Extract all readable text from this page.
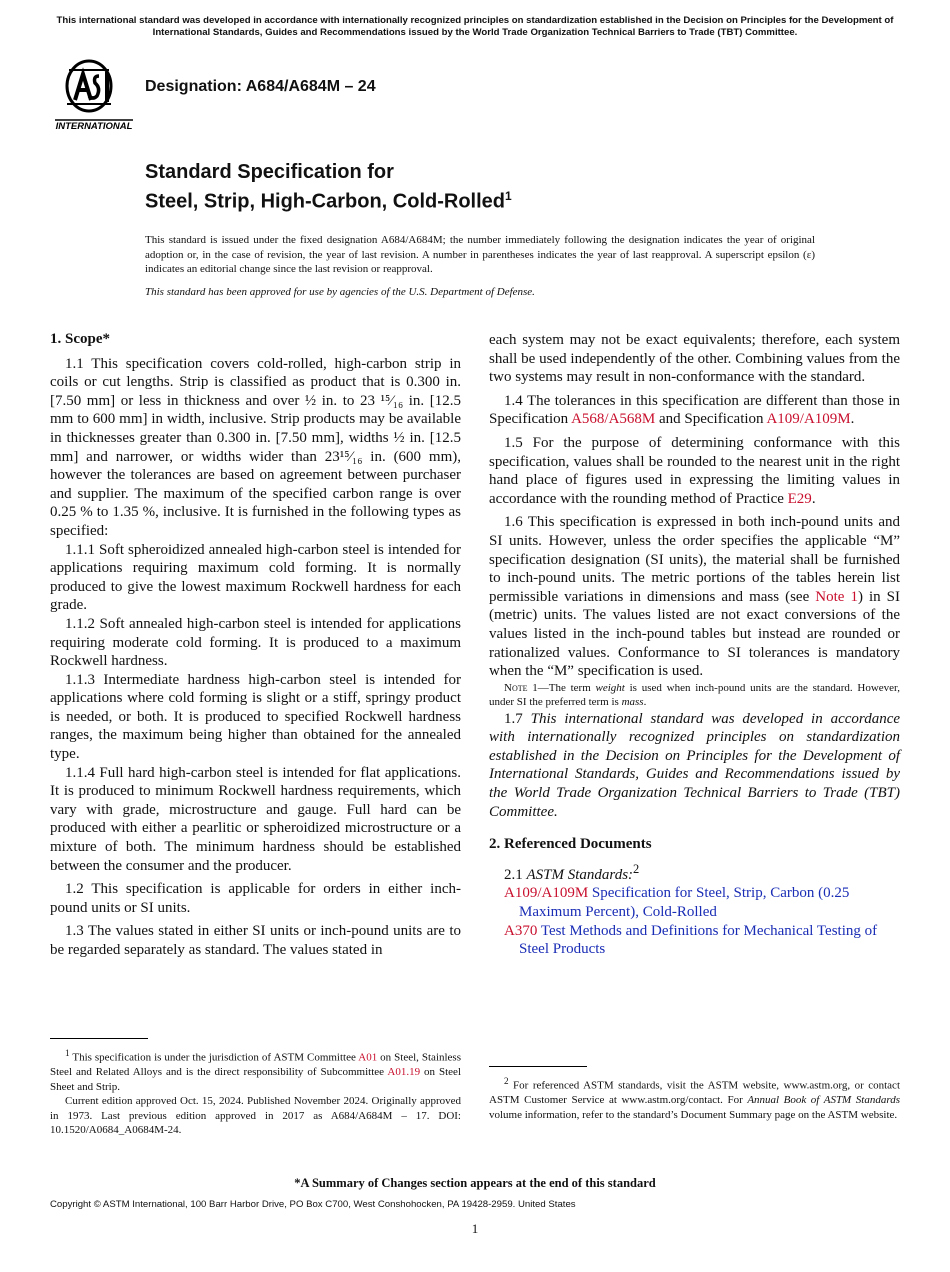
This international standard was developed in accordance with internationally recognized principles on standardization established in the Decision on Principles for the Development of International Standards, Guides and Recommendations issued by the World Trade Organization Technical Barriers to Trade (TBT) Committee.
INTERNATIONAL
Designation: A684/A684M – 24
Standard Specification for
Steel, Strip, High-Carbon, Cold-Rolled$^1$
This standard is issued under the fixed designation A684/A684M; the number immediately following the designation indicates the year of original adoption or, in the case of revision, the year of last revision. A number in parentheses indicates the year of last reapproval. A superscript epsilon (ε) indicates an editorial change since the last revision or reapproval.
This standard has been approved for use by agencies of the U.S. Department of Defense.
1. Scope*

1.1 This specification covers cold-rolled, high-carbon strip in coils or cut lengths. Strip is classified as product that is 0.300 in. [7.50 mm] or less in thickness and over ½ in. to 23 ¹⁵⁄₁₆ in. [12.5 mm to 600 mm] in width, inclusive. Strip products may be available in thicknesses greater than 0.300 in. [7.50 mm], widths ½ in. [12.5 mm] and narrower, or widths wider than 23¹⁵⁄₁₆ in. (600 mm), however the tolerances are based on agreement between purchaser and supplier. The maximum of the specified carbon range is over 0.25 % to 1.35 %, inclusive. It is furnished in the following types as specified:

1.1.1 Soft spheroidized annealed high-carbon steel is intended for applications requiring maximum cold forming. It is normally produced to give the lowest maximum Rockwell hardness for each grade.

1.1.2 Soft annealed high-carbon steel is intended for applications requiring moderate cold forming. It is produced to a maximum Rockwell hardness.

1.1.3 Intermediate hardness high-carbon steel is intended for applications where cold forming is slight or a stiff, springy product is needed, or both. It is produced to specified Rockwell hardness ranges, the maximum being higher than obtained for the annealed type.

1.1.4 Full hard high-carbon steel is intended for flat applications. It is produced to minimum Rockwell hardness requirements, which vary with grade, microstructure and gauge. Full hard can be produced with either a pearlitic or spheroidized microstructure or a mixture of both. The minimum hardness should be established between the consumer and the producer.

1.2 This specification is applicable for orders in either inch-pound units or SI units.

1.3 The values stated in either SI units or inch-pound units are to be regarded separately as standard. The values stated in

each system may not be exact equivalents; therefore, each system shall be used independently of the other. Combining values from the two systems may result in non-conformance with the standard.

1.4 The tolerances in this specification are different than those in Specification A568/A568M and Specification A109/A109M.

1.5 For the purpose of determining conformance with this specification, values shall be rounded to the nearest unit in the right hand place of figures used in expressing the limiting values in accordance with the rounding method of Practice E29.

1.6 This specification is expressed in both inch-pound units and SI units. However, unless the order specifies the applicable “M” specification designation (SI units), the material shall be furnished to inch-pound units. The metric portions of the tables herein list permissible variations in dimensions and mass (see Note 1) in SI (metric) units. The values listed are not exact conversions of the values listed in the inch-pound tables but instead are rounded or rationalized values. Conformance to SI tolerances is mandatory when the “M” specification is used.

Note 1—The term weight is used when inch-pound units are the standard. However, under SI the preferred term is mass.

1.7 This international standard was developed in accordance with internationally recognized principles on standardization established in the Decision on Principles for the Development of International Standards, Guides and Recommendations issued by the World Trade Organization Technical Barriers to Trade (TBT) Committee.

2. Referenced Documents

2.1 ASTM Standards:$^2$

A109/A109M Specification for Steel, Strip, Carbon (0.25 Maximum Percent), Cold-Rolled

A370 Test Methods and Definitions for Mechanical Testing of Steel Products

$^1$ This specification is under the jurisdiction of ASTM Committee A01 on Steel, Stainless Steel and Related Alloys and is the direct responsibility of Subcommittee A01.19 on Steel Sheet and Strip.

Current edition approved Oct. 15, 2024. Published November 2024. Originally approved in 1973. Last previous edition approved in 2017 as A684/A684M – 17. DOI: 10.1520/A0684_A0684M-24.

$^2$ For referenced ASTM standards, visit the ASTM website, www.astm.org, or contact ASTM Customer Service at www.astm.org/contact. For Annual Book of ASTM Standards volume information, refer to the standard’s Document Summary page on the ASTM website.

*A Summary of Changes section appears at the end of this standard
Copyright © ASTM International, 100 Barr Harbor Drive, PO Box C700, West Conshohocken, PA 19428-2959. United States
1
